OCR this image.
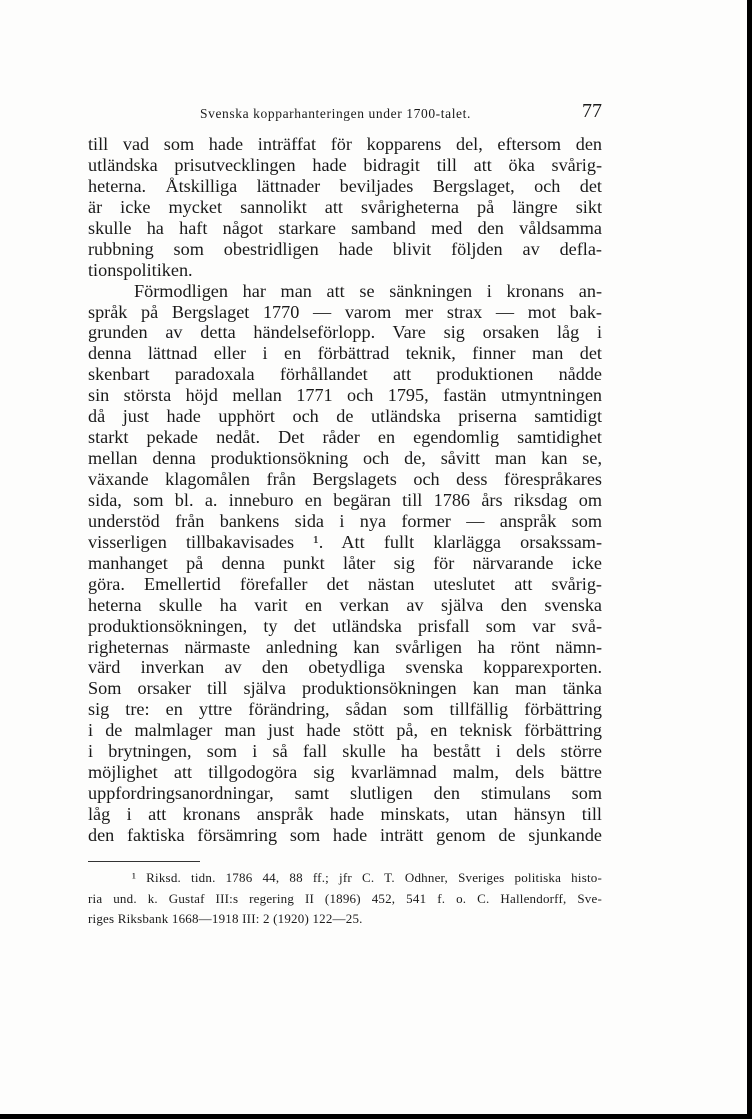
Svenska kopparhanteringen under 1700-talet.	77
till vad som hade inträffat för kopparens del, eftersom den
utländska prisutvecklingen hade bidragit till att öka svårig-
heterna. Åtskilliga lättnader beviljades Bergslaget, och det
är icke mycket sannolikt att svårigheterna på längre sikt
skulle ha haft något starkare samband med den våldsamma
rubbning som obestridligen hade blivit följden av defla-
tionspolitiken.
Förmodligen har man att se sänkningen i kronans an-
språk på Bergslaget 1770 — varom mer strax — mot bak-
grunden av detta händelseförlopp. Vare sig orsaken låg i
denna lättnad eller i en förbättrad teknik, finner man det
skenbart paradoxala förhållandet att produktionen nådde
sin största höjd mellan 1771 och 1795, fastän utmyntningen
då just hade upphört och de utländska priserna samtidigt
starkt pekade nedåt. Det råder en egendomlig samtidighet
mellan denna produktionsökning och de, såvitt man kan se,
växande klagomålen från Bergslagets och dess förespråkares
sida, som bl. a. inneburo en begäran till 1786 års riksdag om
understöd från bankens sida i nya former — anspråk som
visserligen tillbakavisades ¹. Att fullt klarlägga orsakssam-
manhanget på denna punkt låter sig för närvarande icke
göra. Emellertid förefaller det nästan uteslutet att svårig-
heterna skulle ha varit en verkan av själva den svenska
produktionsökningen, ty det utländska prisfall som var svå-
righeternas närmaste anledning kan svårligen ha rönt nämn-
värd inverkan av den obetydliga svenska kopparexporten.
Som orsaker till själva produktionsökningen kan man tänka
sig tre: en yttre förändring, sådan som tillfällig förbättring
i de malmlager man just hade stött på, en teknisk förbättring
i brytningen, som i så fall skulle ha bestått i dels större
möjlighet att tillgodogöra sig kvarlämnad malm, dels bättre
uppfordringsanordningar, samt slutligen den stimulans som
låg i att kronans anspråk hade minskats, utan hänsyn till
den faktiska försämring som hade inträtt genom de sjunkande
¹ Riksd. tidn. 1786 44, 88 ff.; jfr C. T. Odhner, Sveriges politiska histo-
ria und. k. Gustaf III:s regering II (1896) 452, 541 f. o. C. Hallendorff, Sve-
riges Riksbank 1668—1918 III: 2 (1920) 122—25.
